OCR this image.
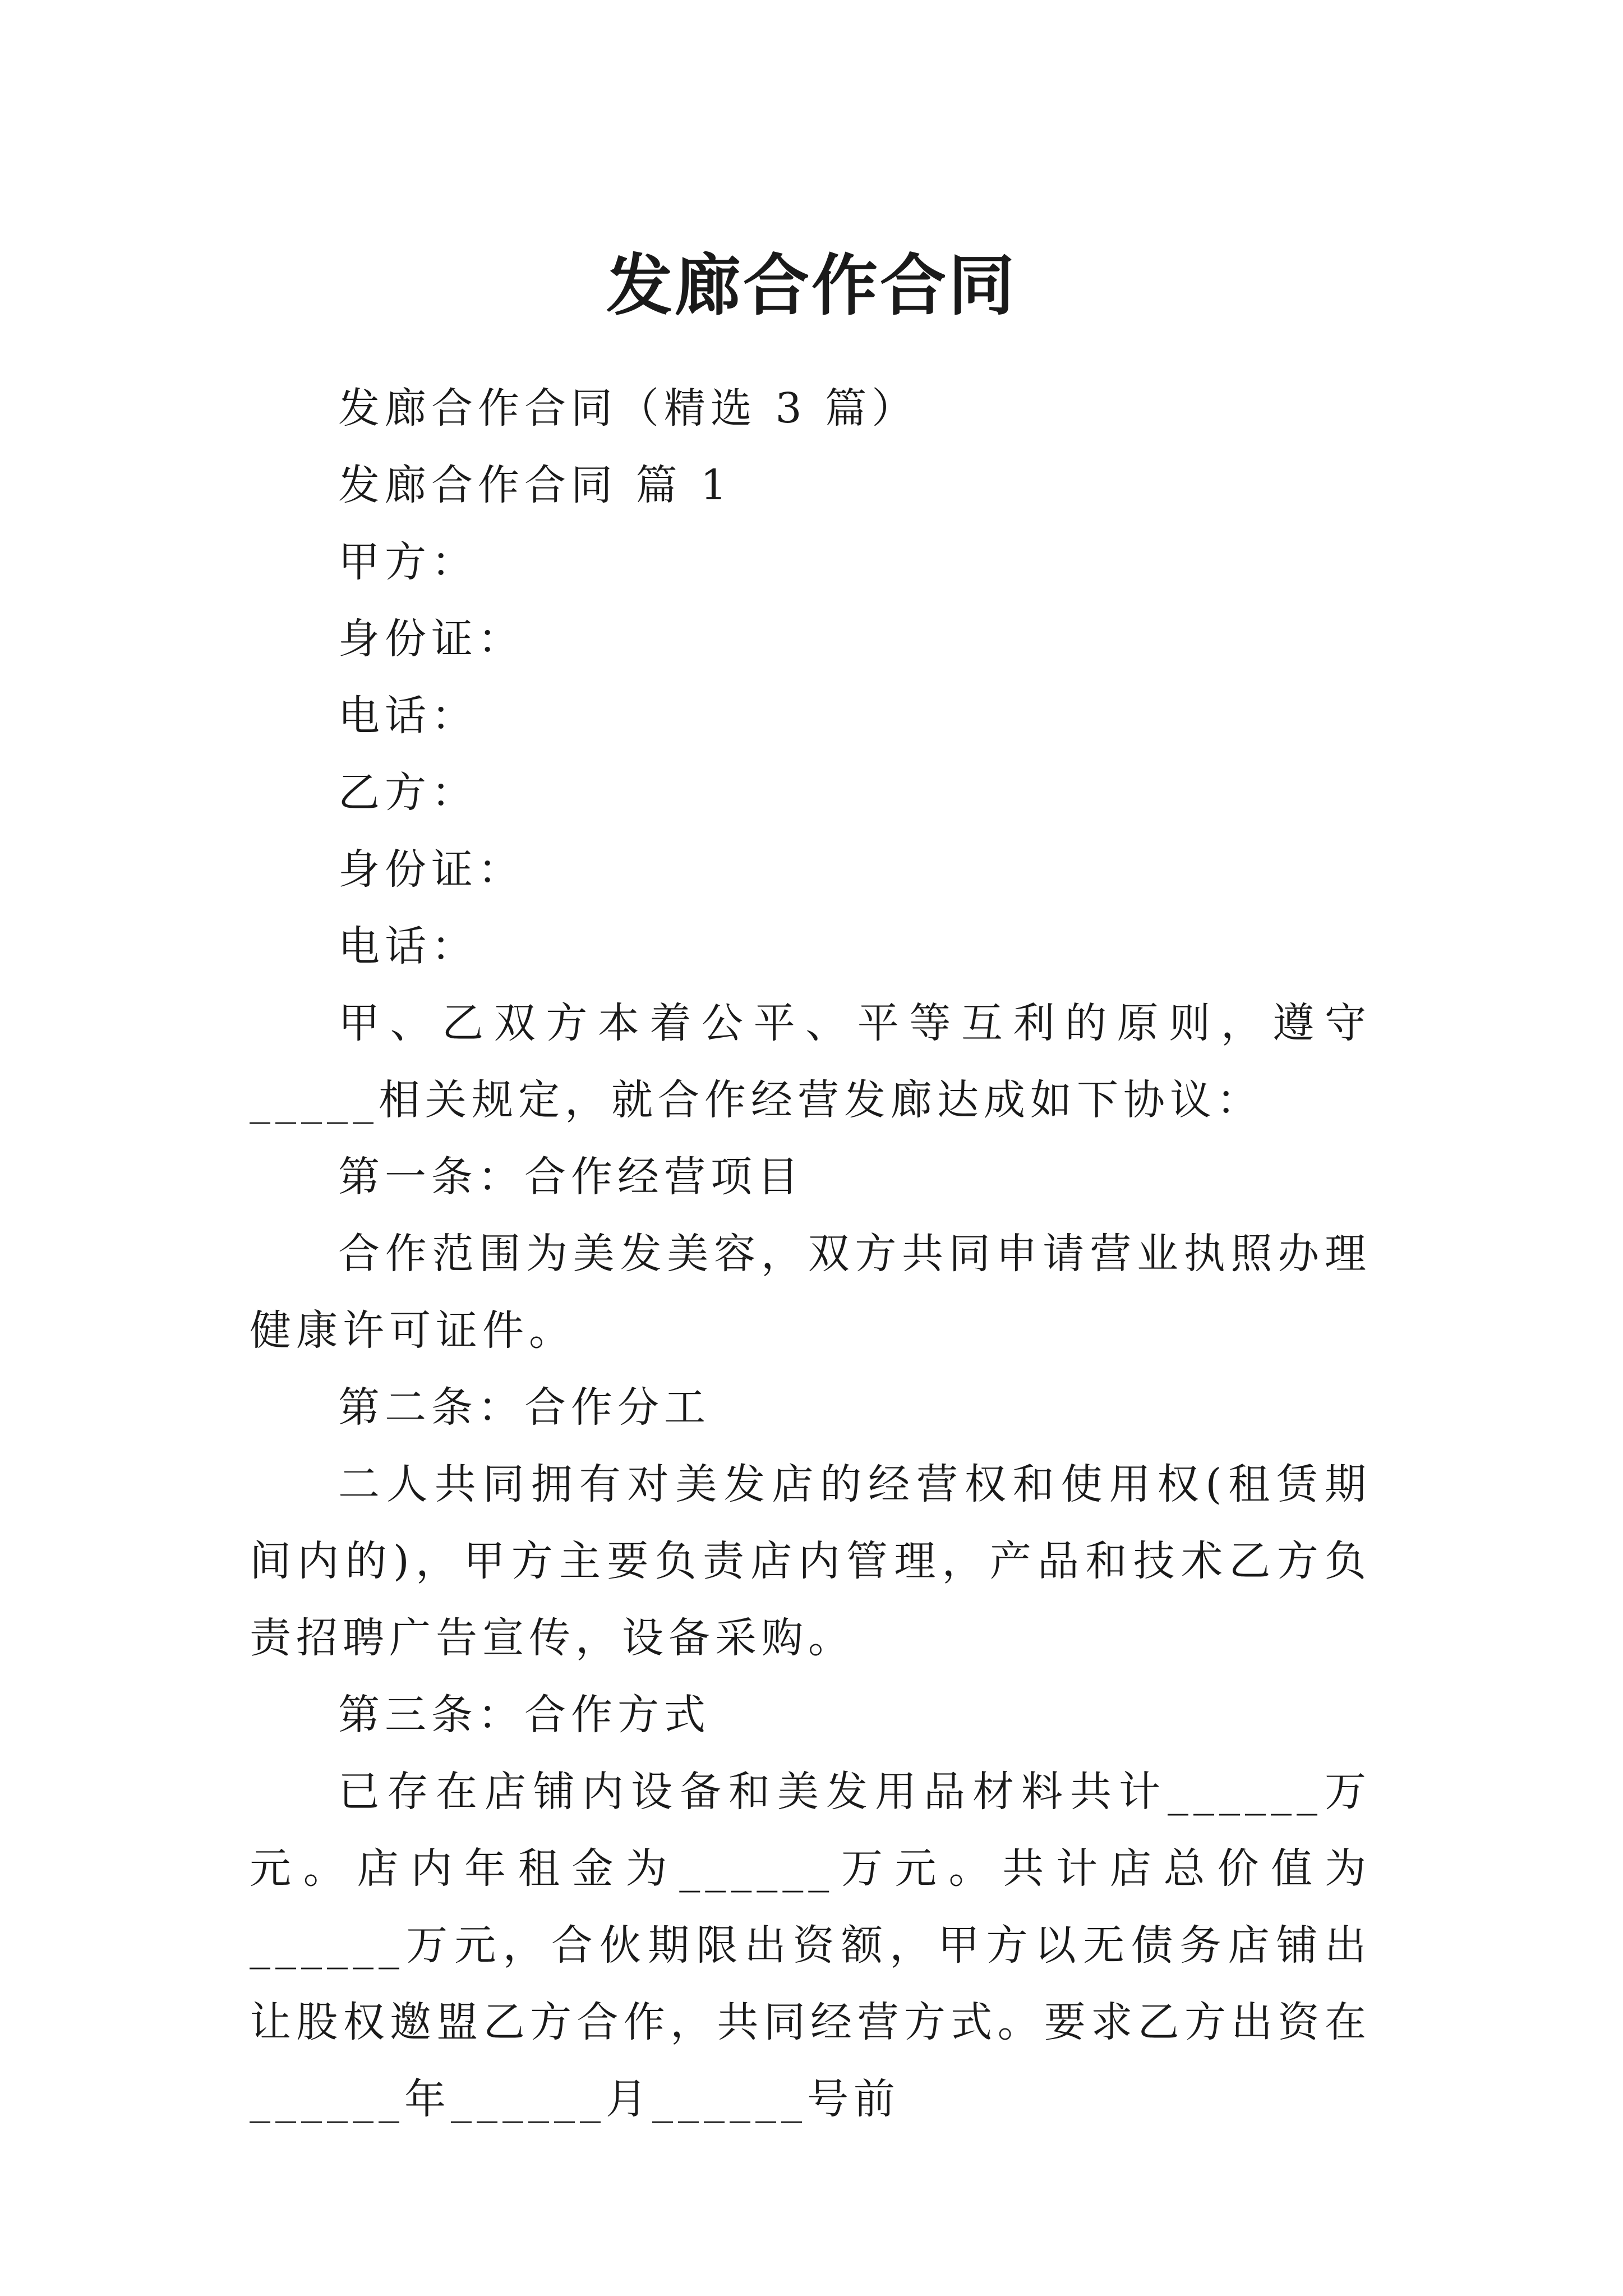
发廊合作合同

发廊合作合同（精选 3 篇）

发廊合作合同 篇 1

甲方：

身份证：

电话：

乙方：

身份证：

电话：

甲、乙双方本着公平、平等互利的原则，遵守_____相关规定，就合作经营发廊达成如下协议：

第一条：合作经营项目

合作范围为美发美容，双方共同申请营业执照办理健康许可证件。

第二条：合作分工

二人共同拥有对美发店的经营权和使用权(租赁期间内的)，甲方主要负责店内管理，产品和技术乙方负责招聘广告宣传，设备采购。

第三条：合作方式

已存在店铺内设备和美发用品材料共计______万元。店内年租金为______万元。共计店总价值为______万元，合伙期限出资额，甲方以无债务店铺出让股权邀盟乙方合作，共同经营方式。要求乙方出资在______年______月______号前
